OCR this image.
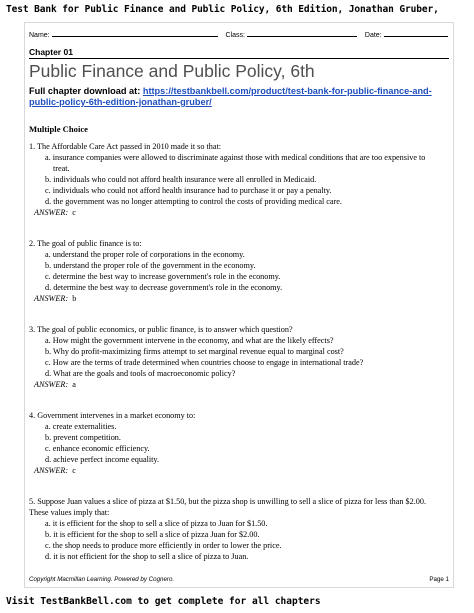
Test Bank for Public Finance and Public Policy, 6th Edition, Jonathan Gruber,
Name:	Class:	Date:
Chapter 01
Public Finance and Public Policy, 6th
Full chapter download at: https://testbankbell.com/product/test-bank-for-public-finance-and-public-policy-6th-edition-jonathan-gruber/
Multiple Choice
1. The Affordable Care Act passed in 2010 made it so that:
a. insurance companies were allowed to discriminate against those with medical conditions that are too expensive to treat.
b. individuals who could not afford health insurance were all enrolled in Medicaid.
c. individuals who could not afford health insurance had to purchase it or pay a penalty.
d. the government was no longer attempting to control the costs of providing medical care.
ANSWER: c
2. The goal of public finance is to:
a. understand the proper role of corporations in the economy.
b. understand the proper role of the government in the economy.
c. determine the best way to increase government's role in the economy.
d. determine the best way to decrease government's role in the economy.
ANSWER: b
3. The goal of public economics, or public finance, is to answer which question?
a. How might the government intervene in the economy, and what are the likely effects?
b. Why do profit-maximizing firms attempt to set marginal revenue equal to marginal cost?
c. How are the terms of trade determined when countries choose to engage in international trade?
d. What are the goals and tools of macroeconomic policy?
ANSWER: a
4. Government intervenes in a market economy to:
a. create externalities.
b. prevent competition.
c. enhance economic efficiency.
d. achieve perfect income equality.
ANSWER: c
5. Suppose Juan values a slice of pizza at $1.50, but the pizza shop is unwilling to sell a slice of pizza for less than $2.00. These values imply that:
a. it is efficient for the shop to sell a slice of pizza to Juan for $1.50.
b. it is efficient for the shop to sell a slice of pizza Juan for $2.00.
c. the shop needs to produce more efficiently in order to lower the price.
d. it is not efficient for the shop to sell a slice of pizza to Juan.
Copyright Macmillan Learning. Powered by Cognero.	Page 1
Visit TestBankBell.com to get complete for all chapters
